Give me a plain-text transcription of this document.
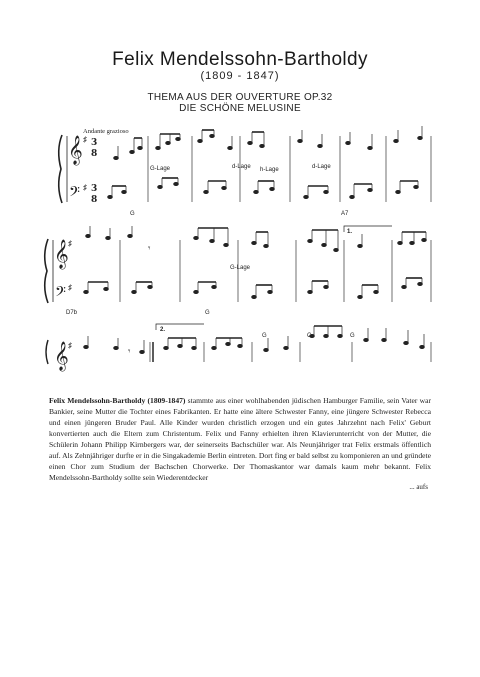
Felix Mendelssohn-Bartholdy
(1809 - 1847)
THEMA AUS DER OUVERTURE OP.32
DIE SCHÖNE MELUSINE
Andante grazioso
𝄞
𝄢
♯
♯
3
8
3
8
G-Lage	h-Lage
d-Lage	d-Lage
G	A7
𝄞
𝄢
♯
♯
1.
𝄾
G-Lage
D7b	G
𝄞 ♯
2.
𝄾
G	C	G

Felix Mendelssohn-Bartholdy (1809-1847) stammte aus einer wohlhabenden jüdischen Hamburger Familie, sein Vater war Bankier, seine Mutter die Tochter eines Fabrikanten. Er hatte eine ältere Schwester Fanny, eine jüngere Schwester Rebecca und einen jüngeren Bruder Paul. Alle Kinder wurden christlich erzogen und ein gutes Jahrzehnt nach Felix' Geburt konvertierten auch die Eltern zum Christentum. Felix und Fanny erhielten ihren Klavierunterricht von der Mutter, die Schülerin Johann Philipp Kirnbergers war, der seinerseits Bachschüler war. Als Neunjähriger trat Felix erstmals öffentlich auf. Als Zehnjähriger durfte er in die Singakademie Berlin eintreten. Dort fing er bald selbst zu komponieren an und gründete einen Chor zum Studium der Bachschen Chorwerke. Der Thomaskantor war damals kaum mehr bekannt. Felix Mendelssohn-Bartholdy sollte sein Wiederentdecker

... aufs
